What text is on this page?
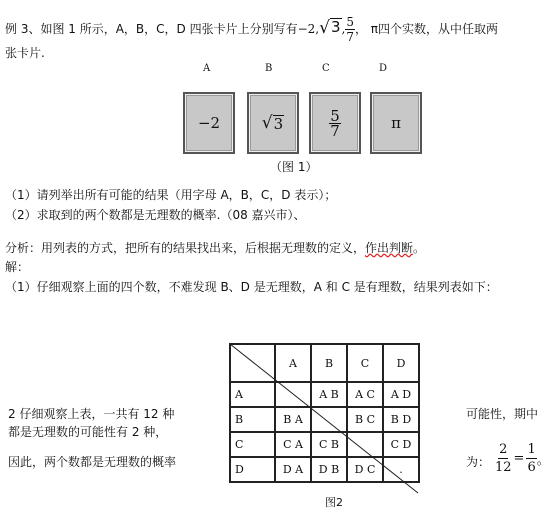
例 3、如图 1 所示，A，B，C，D 四张卡片上分别写有−2, √ 3 , $\frac{5}{7}$ ， π四个实数，从中任取两
张卡片.
A	B	C	D
−2 √ 3	$\frac{5}{7}$	π
（图 1）
（1）请列举出所有可能的结果（用字母 A，B，C，D 表示）；
（2）求取到的两个数都是无理数的概率.（08 嘉兴市）、
分析：用列表的方式，把所有的结果找出来，后根据无理数的定义，作出判断。
解：
（1）仔细观察上面的四个数，不难发现 B、D 是无理数，A 和 C 是有理数，结果列表如下：
	A	B	C	D
A		A B	A C	A D
B	B A		B C	B D
C	C A	C B		C D
D	D A	D B	D C	.
图2
2 仔细观察上表，一共有 12 种	可能性，期中
都是无理数的可能性有 2 种，
因此，两个数都是无理数的概率	为： $\frac{2}{12} = \frac{1}{6}$ 。
